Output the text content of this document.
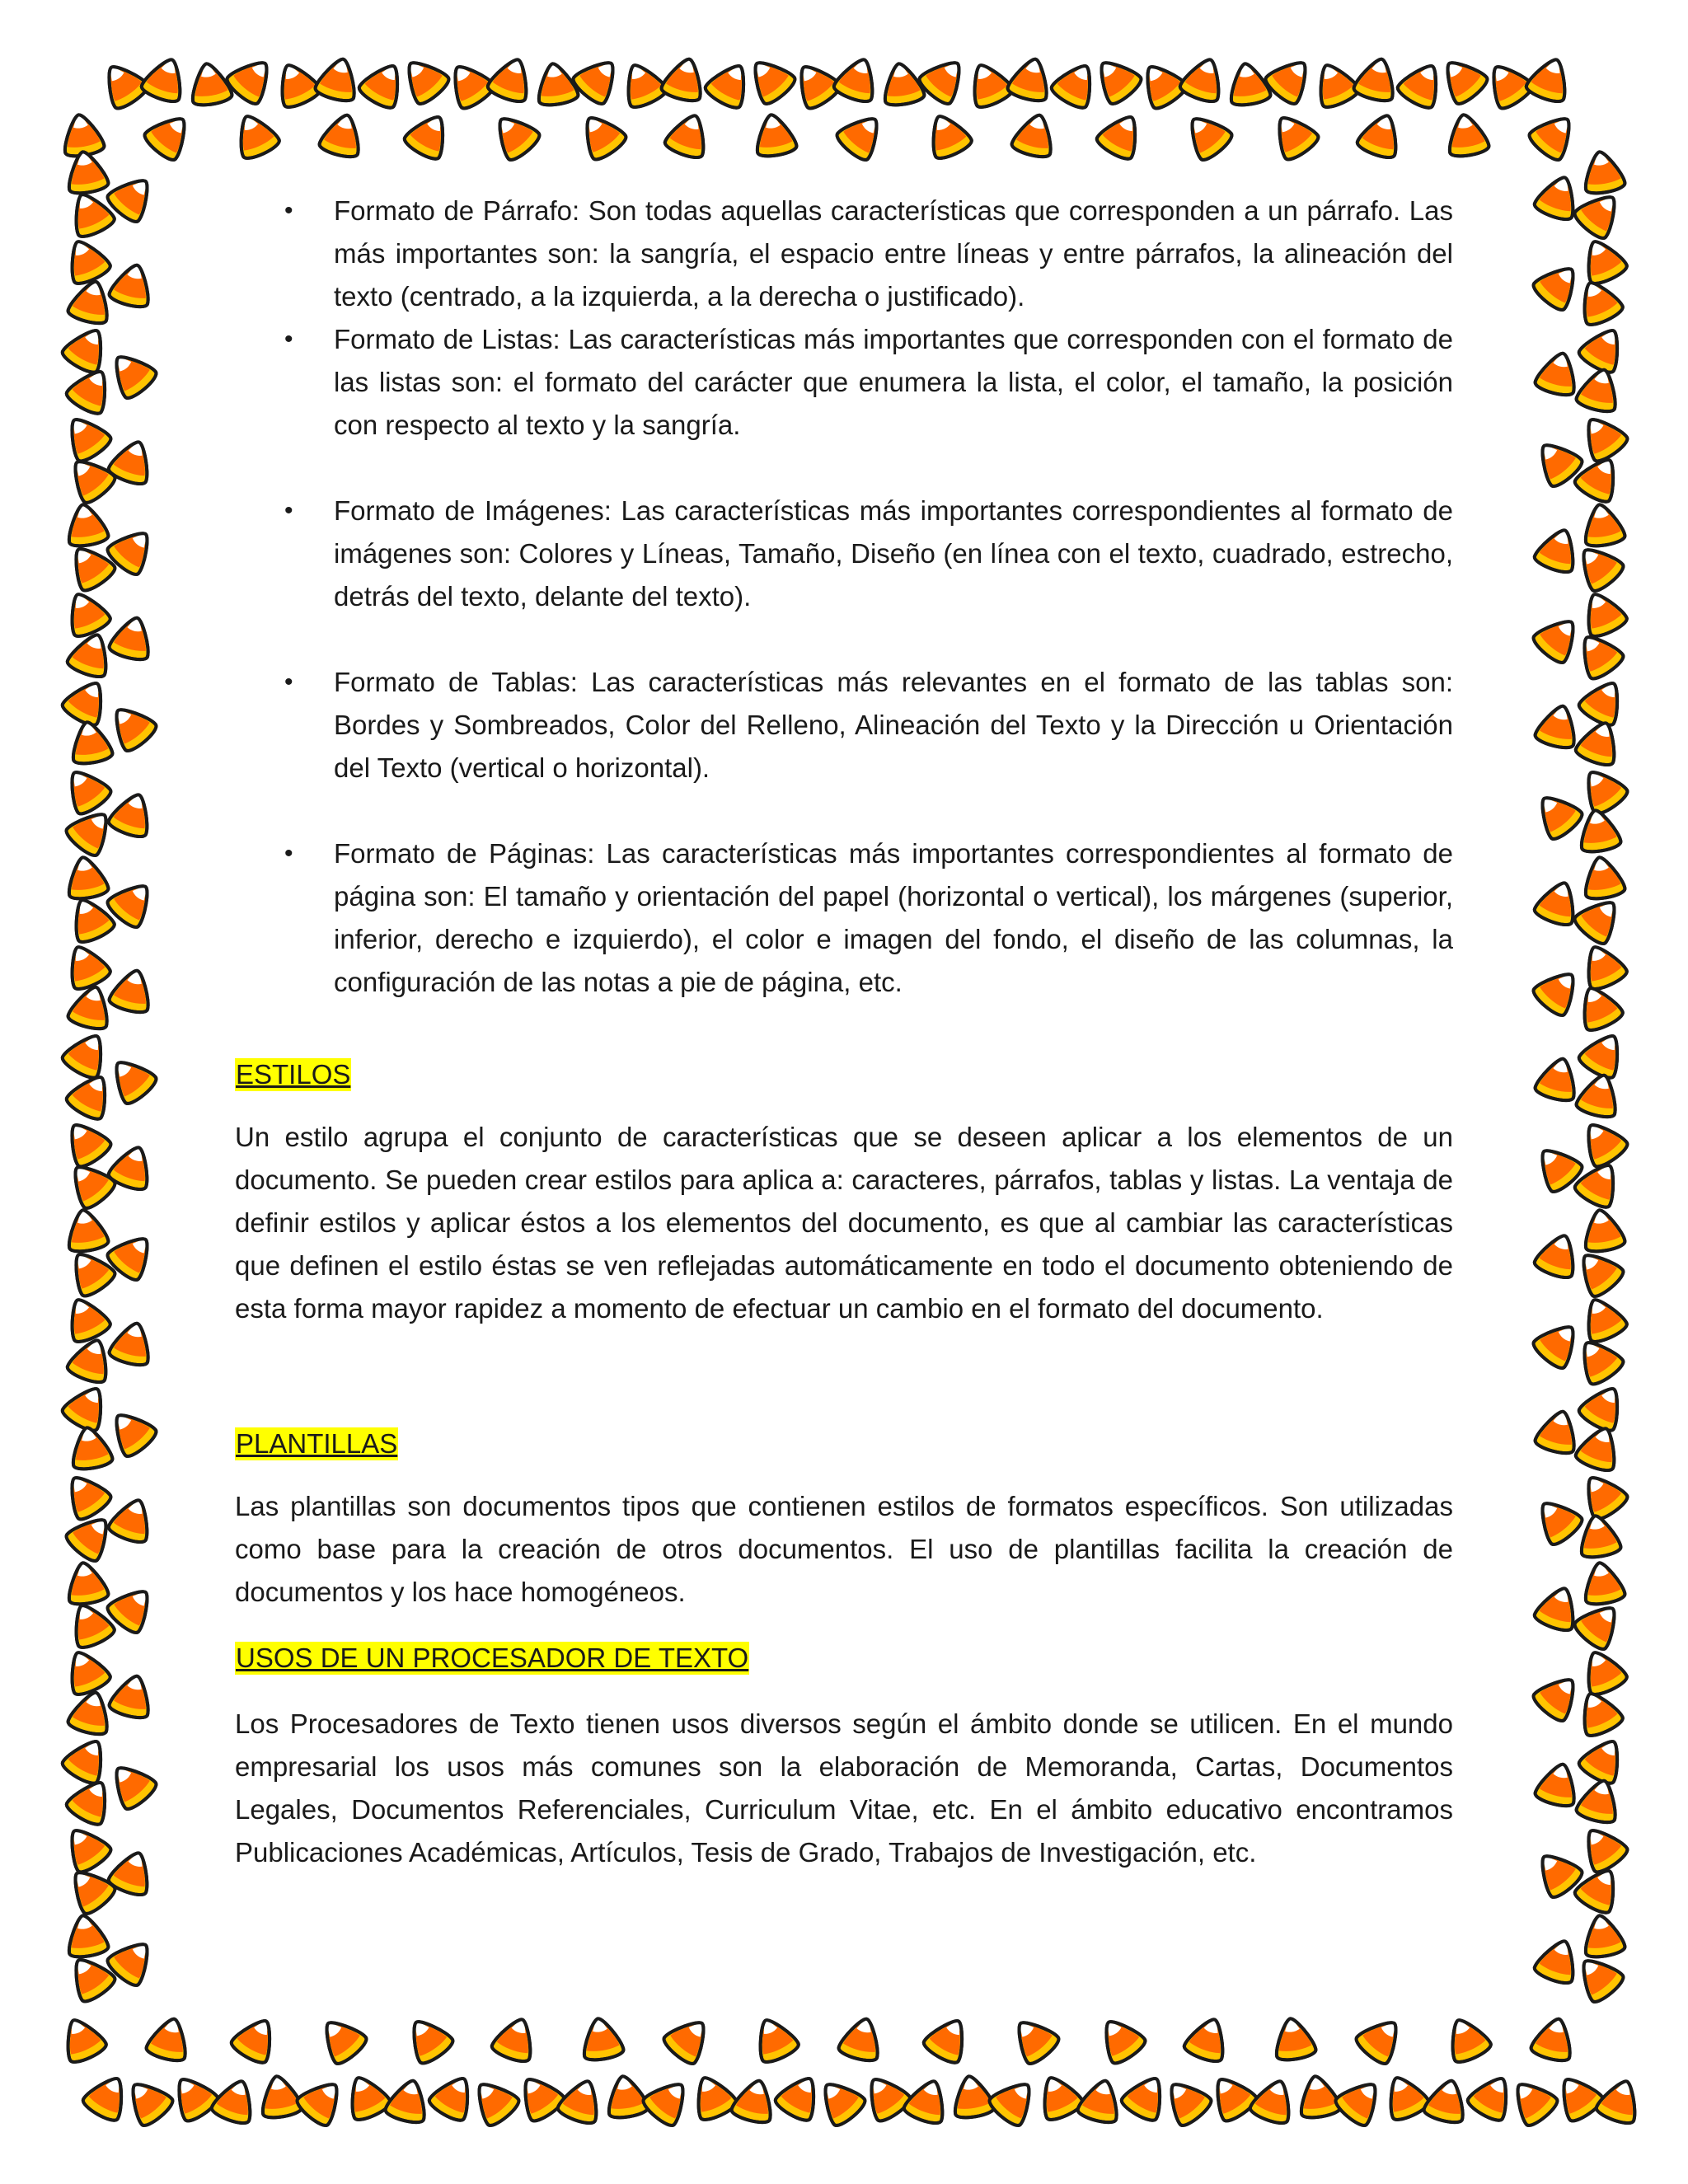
• Formato de Párrafo: Son todas aquellas características que corresponden a un párrafo. Las más importantes son: la sangría, el espacio entre líneas y entre párrafos, la alineación del texto (centrado, a la izquierda, a la derecha o justificado).
• Formato de Listas: Las características más importantes que corresponden con el formato de las listas son: el formato del carácter que enumera la lista, el color, el tamaño, la posición con respecto al texto y la sangría.
• Formato de Imágenes: Las características más importantes correspondientes al formato de imágenes son: Colores y Líneas, Tamaño, Diseño (en línea con el texto, cuadrado, estrecho, detrás del texto, delante del texto).
• Formato de Tablas: Las características más relevantes en el formato de las tablas son: Bordes y Sombreados, Color del Relleno, Alineación del Texto y la Dirección u Orientación del Texto (vertical o horizontal).
• Formato de Páginas: Las características más importantes correspondientes al formato de página son: El tamaño y orientación del papel (horizontal o vertical), los márgenes (superior, inferior, derecho e izquierdo), el color e imagen del fondo, el diseño de las columnas, la configuración de las notas a pie de página, etc.
ESTILOS

Un estilo agrupa el conjunto de características que se deseen aplicar a los elementos de un documento. Se pueden crear estilos para aplica a: caracteres, párrafos, tablas y listas. La ventaja de definir estilos y aplicar éstos a los elementos del documento, es que al cambiar las características que definen el estilo éstas se ven reflejadas automáticamente en todo el documento obteniendo de esta forma mayor rapidez a momento de efectuar un cambio en el formato del documento.

PLANTILLAS

Las plantillas son documentos tipos que contienen estilos de formatos específicos. Son utilizadas como base para la creación de otros documentos. El uso de plantillas facilita la creación de documentos y los hace homogéneos.

USOS DE UN PROCESADOR DE TEXTO

Los Procesadores de Texto tienen usos diversos según el ámbito donde se utilicen. En el mundo empresarial los usos más comunes son la elaboración de Memoranda, Cartas, Documentos Legales, Documentos Referenciales, Curriculum Vitae, etc. En el ámbito educativo encontramos Publicaciones Académicas, Artículos, Tesis de Grado, Trabajos de Investigación, etc.
